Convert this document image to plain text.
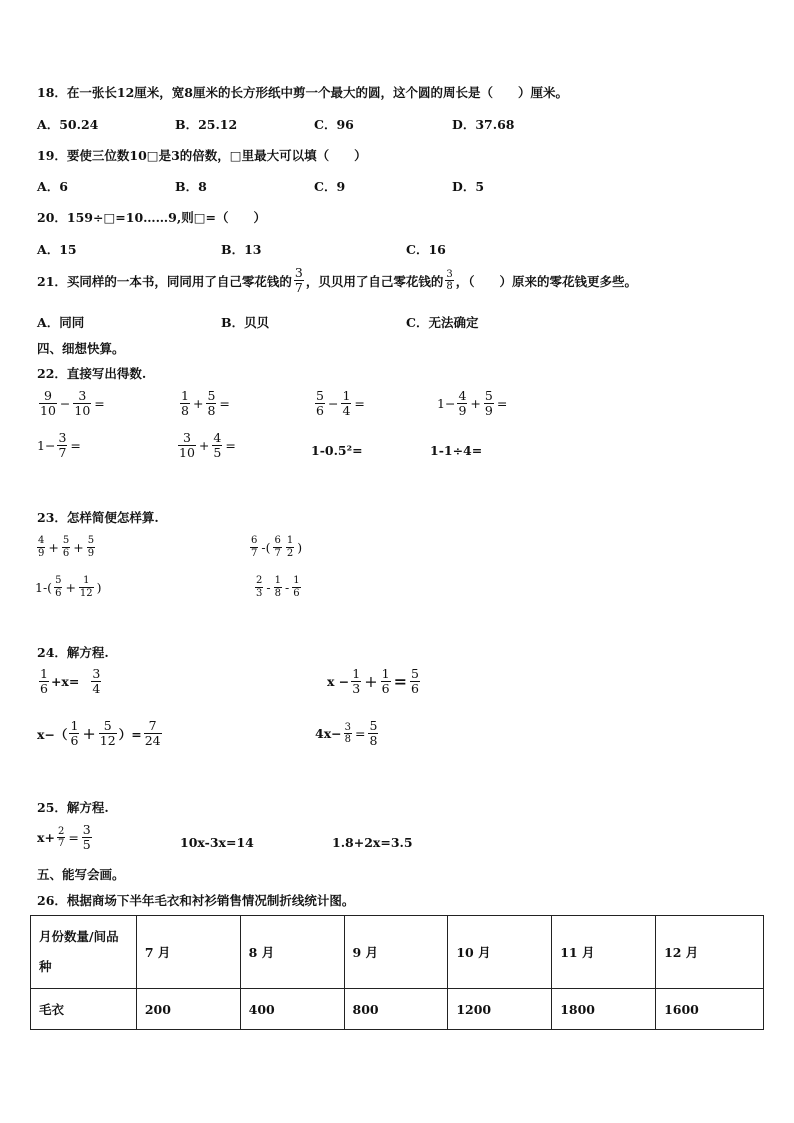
18．在一张长12厘米，宽8厘米的长方形纸中剪一个最大的圆，这个圆的周长是（　　）厘米。
A．50.24	B．25.12	C．96	D．37.68
19．要使三位数10□是3的倍数，□里最大可以填（　　）
A．6	B．8	C．9	D．5
20．159÷□=10……9,则□=（　　）
A．15	B．13	C．16
21．买同样的一本书，同同用了自己零花钱的 $\frac{3}{7}$ ，贝贝用了自己零花钱的 $\frac{3}{8}$ ，（　　）原来的零花钱更多些。
A．同同	B．贝贝	C．无法确定
四、细想快算。
22．直接写出得数.
$\frac{9}{10} - \frac{3}{10}$ =	$\frac{1}{8} + \frac{5}{8}$ =	$\frac{5}{6} - \frac{1}{4}$ =	$1- \frac{4}{9} + \frac{5}{9}$ =
$1- \frac{3}{7}$ =	$\frac{3}{10} + \frac{4}{5}$ =	1-0.5²=	1-1÷4=
23．怎样简便怎样算.
$\frac{4}{9} + \frac{5}{6} + \frac{5}{9}$	$\frac{6}{7}$ -( $\frac{6}{7} \frac{1}{2}$ )
$1-( \frac{5}{6} + \frac{1}{12}$ )	$\frac{2}{3} - \frac{1}{8} - \frac{1}{6}$
24．解方程.
$\frac{1}{6} +x= \frac{3}{4}$	$x - \frac{1}{3} + \frac{1}{6} = \frac{5}{6}$
$x-( \frac{1}{6} + \frac{5}{12}$ ）= $\frac{7}{24}$	$4x- \frac{3}{8} = \frac{5}{8}$
25．解方程.
$x+ \frac{2}{7} = \frac{3}{5}$	10x-3x=14	1.8+2x=3.5
五、能写会画。
26．根据商场下半年毛衣和衬衫销售情况制折线统计图。
月份数量/间品种	7 月	8 月	9 月	10 月	11 月	12 月
毛衣	200	400	800	1200	1800	1600
